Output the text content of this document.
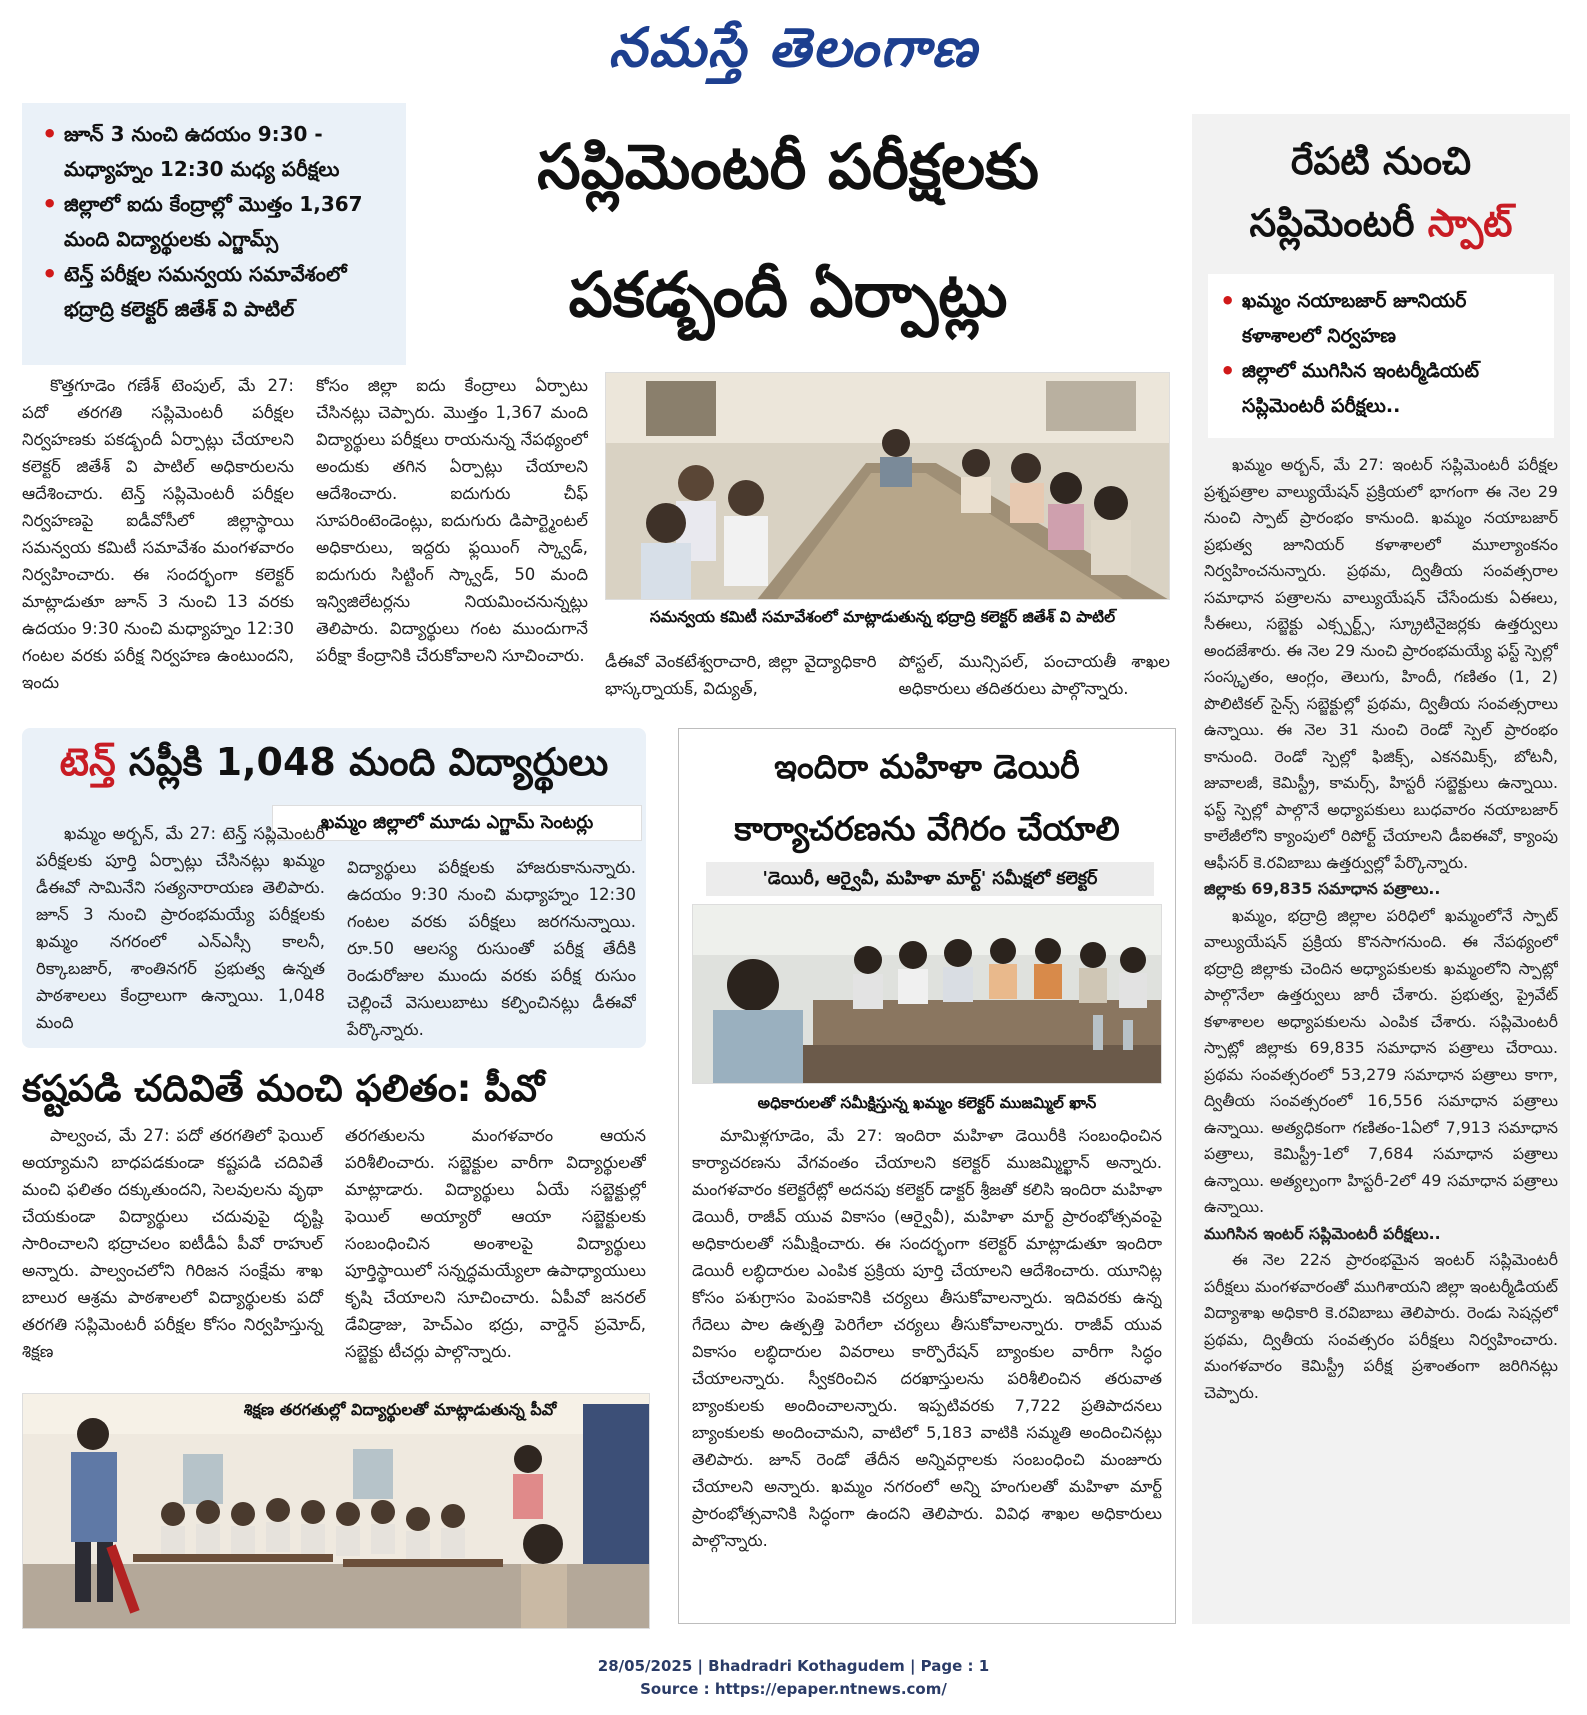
నమస్తే తెలంగాణ
• జూన్ 3 నుంచి ఉదయం 9:30 - మధ్యాహ్నం 12:30 మధ్య పరీక్షలు
• జిల్లాలో ఐదు కేంద్రాల్లో మొత్తం 1,367 మంది విద్యార్థులకు ఎగ్జామ్స్
• టెన్త్ పరీక్షల సమన్వయ సమావేశంలో భద్రాద్రి కలెక్టర్ జితేశ్ వి పాటిల్
సప్లిమెంటరీ పరీక్షలకు
పకడ్బందీ ఏర్పాట్లు

కొత్తగూడెం గణేశ్ టెంపుల్, మే 27: పదో తరగతి సప్లిమెంటరీ పరీక్షల నిర్వహణకు పకడ్బందీ ఏర్పాట్లు చేయాలని కలెక్టర్ జితేశ్ వి పాటిల్ అధికారులను ఆదేశించారు. టెన్త్ సప్లిమెంటరీ పరీక్షల నిర్వహణపై ఐడీవోసీలో జిల్లాస్థాయి సమన్వయ కమిటీ సమావేశం మంగళవారం నిర్వహించారు. ఈ సందర్భంగా కలెక్టర్ మాట్లాడుతూ జూన్ 3 నుంచి 13 వరకు ఉదయం 9:30 నుంచి మధ్యాహ్నం 12:30 గంటల వరకు పరీక్ష నిర్వహణ ఉంటుందని, ఇందు

కోసం జిల్లా ఐదు కేంద్రాలు ఏర్పాటు చేసినట్లు చెప్పారు. మొత్తం 1,367 మంది విద్యార్థులు పరీక్షలు రాయనున్న నేపథ్యంలో అందుకు తగిన ఏర్పాట్లు చేయాలని ఆదేశించారు. ఐదుగురు చీఫ్ సూపరింటెండెంట్లు, ఐదుగురు డిపార్ట్మెంటల్ అధికారులు, ఇద్దరు ఫ్లయింగ్ స్క్వాడ్, ఐదుగురు సిట్టింగ్ స్క్వాడ్, 50 మంది ఇన్విజిలేటర్లను నియమించనున్నట్లు తెలిపారు. విద్యార్థులు గంట ముందుగానే పరీక్షా కేంద్రానికి చేరుకోవాలని సూచించారు.

సమన్వయ కమిటీ సమావేశంలో మాట్లాడుతున్న భద్రాద్రి కలెక్టర్ జితేశ్ వి పాటిల్

డీఈవో వెంకటేశ్వరాచారి, జిల్లా వైద్యాధికారి భాస్కర్నాయక్, విద్యుత్,

పోస్టల్, మున్సిపల్, పంచాయతీ శాఖల అధికారులు తదితరులు పాల్గొన్నారు.

టెన్త్ సప్లీకి 1,048 మంది విద్యార్థులు
ఖమ్మం జిల్లాలో మూడు ఎగ్జామ్ సెంటర్లు

ఖమ్మం అర్బన్, మే 27: టెన్త్ సప్లిమెంటరీ పరీక్షలకు పూర్తి ఏర్పాట్లు చేసినట్లు ఖమ్మం డీఈవో సామినేని సత్యనారాయణ తెలిపారు. జూన్ 3 నుంచి ప్రారంభమయ్యే పరీక్షలకు ఖమ్మం నగరంలో ఎన్ఎస్సీ కాలనీ, రిక్కాబజార్, శాంతినగర్ ప్రభుత్వ ఉన్నత పాఠశాలలు కేంద్రాలుగా ఉన్నాయి. 1,048 మంది

విద్యార్థులు పరీక్షలకు హాజరుకానున్నారు. ఉదయం 9:30 నుంచి మధ్యాహ్నం 12:30 గంటల వరకు పరీక్షలు జరగనున్నాయి. రూ.50 ఆలస్య రుసుంతో పరీక్ష తేదీకి రెండురోజుల ముందు వరకు పరీక్ష రుసుం చెల్లించే వెసులుబాటు కల్పించినట్లు డీఈవో పేర్కొన్నారు.

కష్టపడి చదివితే మంచి ఫలితం: పీవో

పాల్వంచ, మే 27: పదో తరగతిలో ఫెయిల్ అయ్యామని బాధపడకుండా కష్టపడి చదివితే మంచి ఫలితం దక్కుతుందని, సెలవులను వృథా చేయకుండా విద్యార్థులు చదువుపై దృష్టి సారించాలని భద్రాచలం ఐటీడీఏ పీవో రాహుల్ అన్నారు. పాల్వంచలోని గిరిజన సంక్షేమ శాఖ బాలుర ఆశ్రమ పాఠశాలలో విద్యార్థులకు పదో తరగతి సప్లిమెంటరీ పరీక్షల కోసం నిర్వహిస్తున్న శిక్షణ

తరగతులను మంగళవారం ఆయన పరిశీలించారు. సబ్జెక్టుల వారీగా విద్యార్థులతో మాట్లాడారు. విద్యార్థులు ఏయే సబ్జెక్టుల్లో ఫెయిల్ అయ్యారో ఆయా సబ్జెక్టులకు సంబంధించిన అంశాలపై విద్యార్థులు పూర్తిస్థాయిలో సన్నద్ధమయ్యేలా ఉపాధ్యాయులు కృషి చేయాలని సూచించారు. ఏపీవో జనరల్ డేవిడ్రాజు, హెచ్ఎం భద్రు, వార్డెన్ ప్రమోద్, సబ్జెక్టు టీచర్లు పాల్గొన్నారు.

శిక్షణ తరగతుల్లో విద్యార్థులతో మాట్లాడుతున్న పీవో
ఇందిరా మహిళా డెయిరీ
కార్యాచరణను వేగిరం చేయాలి
'డెయిరీ, ఆర్వైవీ, మహిళా మార్ట్' సమీక్షలో కలెక్టర్
అధికారులతో సమీక్షిస్తున్న ఖమ్మం కలెక్టర్ ముజమ్మిల్ ఖాన్

మామిళ్లగూడెం, మే 27: ఇందిరా మహిళా డెయిరీకి సంబంధించిన కార్యాచరణను వేగవంతం చేయాలని కలెక్టర్ ముజమ్మిల్ఖాన్ అన్నారు. మంగళవారం కలెక్టరేట్లో అదనపు కలెక్టర్ డాక్టర్ శ్రీజతో కలిసి ఇందిరా మహిళా డెయిరీ, రాజీవ్ యువ వికాసం (ఆర్వైవీ), మహిళా మార్ట్ ప్రారంభోత్సవంపై అధికారులతో సమీక్షించారు. ఈ సందర్భంగా కలెక్టర్ మాట్లాడుతూ ఇందిరా డెయిరీ లబ్ధిదారుల ఎంపిక ప్రక్రియ పూర్తి చేయాలని ఆదేశించారు. యూనిట్ల కోసం పశుగ్రాసం పెంపకానికి చర్యలు తీసుకోవాలన్నారు. ఇదివరకు ఉన్న గేదెలు పాల ఉత్పత్తి పెరిగేలా చర్యలు తీసుకోవాలన్నారు. రాజీవ్ యువ వికాసం లబ్ధిదారుల వివరాలు కార్పొరేషన్ బ్యాంకుల వారీగా సిద్ధం చేయాలన్నారు. స్వీకరించిన దరఖాస్తులను పరిశీలించిన తరువాత బ్యాంకులకు అందించాలన్నారు. ఇప్పటివరకు 7,722 ప్రతిపాదనలు బ్యాంకులకు అందించామని, వాటిలో 5,183 వాటికి సమ్మతి అందించినట్లు తెలిపారు. జూన్ రెండో తేదీన అన్నివర్గాలకు సంబంధించి మంజూరు చేయాలని అన్నారు. ఖమ్మం నగరంలో అన్ని హంగులతో మహిళా మార్ట్ ప్రారంభోత్సవానికి సిద్ధంగా ఉందని తెలిపారు. వివిధ శాఖల అధికారులు పాల్గొన్నారు.

రేపటి నుంచి
సప్లిమెంటరీ స్పాట్
• ఖమ్మం నయాబజార్ జూనియర్ కళాశాలలో నిర్వహణ
• జిల్లాలో ముగిసిన ఇంటర్మీడియట్ సప్లిమెంటరీ పరీక్షలు..

ఖమ్మం అర్బన్, మే 27: ఇంటర్ సప్లిమెంటరీ పరీక్షల ప్రశ్నపత్రాల వాల్యుయేషన్ ప్రక్రియలో భాగంగా ఈ నెల 29 నుంచి స్పాట్ ప్రారంభం కానుంది. ఖమ్మం నయాబజార్ ప్రభుత్వ జూనియర్ కళాశాలలో మూల్యాంకనం నిర్వహించనున్నారు. ప్రథమ, ద్వితీయ సంవత్సరాల సమాధాన పత్రాలను వాల్యుయేషన్ చేసేందుకు ఏఈలు, సీఈలు, సబ్జెక్టు ఎక్స్పర్ట్స్, స్క్రూటినైజర్లకు ఉత్తర్వులు అందజేశారు. ఈ నెల 29 నుంచి ప్రారంభమయ్యే ఫస్ట్ స్పెల్లో సంస్కృతం, ఆంగ్లం, తెలుగు, హిందీ, గణితం (1, 2) పొలిటికల్ సైన్స్ సబ్జెక్టుల్లో ప్రథమ, ద్వితీయ సంవత్సరాలు ఉన్నాయి. ఈ నెల 31 నుంచి రెండో స్పెల్ ప్రారంభం కానుంది. రెండో స్పెల్లో ఫిజిక్స్, ఎకనమిక్స్, బోటనీ, జువాలజీ, కెమిస్ట్రీ, కామర్స్, హిస్టరీ సబ్జెక్టులు ఉన్నాయి. ఫస్ట్ స్పెల్లో పాల్గొనే అధ్యాపకులు బుధవారం నయాబజార్ కాలేజీలోని క్యాంపులో రిపోర్ట్ చేయాలని డీఐఈవో, క్యాంపు ఆఫీసర్ కె.రవిబాబు ఉత్తర్వుల్లో పేర్కొన్నారు.

జిల్లాకు 69,835 సమాధాన పత్రాలు..

ఖమ్మం, భద్రాద్రి జిల్లాల పరిధిలో ఖమ్మంలోనే స్పాట్ వాల్యుయేషన్ ప్రక్రియ కొనసాగనుంది. ఈ నేపథ్యంలో భద్రాద్రి జిల్లాకు చెందిన అధ్యాపకులకు ఖమ్మంలోని స్పాట్లో పాల్గొనేలా ఉత్తర్వులు జారీ చేశారు. ప్రభుత్వ, ప్రైవేట్ కళాశాలల అధ్యాపకులను ఎంపిక చేశారు. సప్లిమెంటరీ స్పాట్లో జిల్లాకు 69,835 సమాధాన పత్రాలు చేరాయి. ప్రథమ సంవత్సరంలో 53,279 సమాధాన పత్రాలు కాగా, ద్వితీయ సంవత్సరంలో 16,556 సమాధాన పత్రాలు ఉన్నాయి. అత్యధికంగా గణితం-1ఏలో 7,913 సమాధాన పత్రాలు, కెమిస్ట్రీ-1లో 7,684 సమాధాన పత్రాలు ఉన్నాయి. అత్యల్పంగా హిస్టరీ-2లో 49 సమాధాన పత్రాలు ఉన్నాయి.

ముగిసిన ఇంటర్ సప్లిమెంటరీ పరీక్షలు..

ఈ నెల 22న ప్రారంభమైన ఇంటర్ సప్లిమెంటరీ పరీక్షలు మంగళవారంతో ముగిశాయని జిల్లా ఇంటర్మీడియట్ విద్యాశాఖ అధికారి కె.రవిబాబు తెలిపారు. రెండు సెషన్లలో ప్రథమ, ద్వితీయ సంవత్సరం పరీక్షలు నిర్వహించారు. మంగళవారం కెమిస్ట్రీ పరీక్ష ప్రశాంతంగా జరిగినట్లు చెప్పారు.

28/05/2025 | Bhadradri Kothagudem | Page : 1
Source : https://epaper.ntnews.com/
